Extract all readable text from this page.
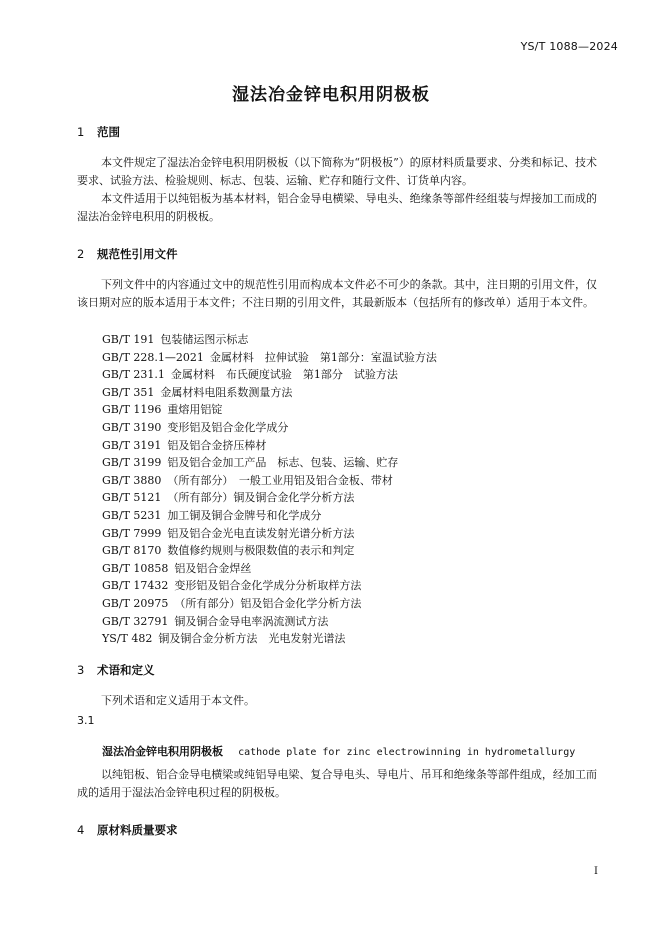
YS/T 1088—2024
湿法冶金锌电积用阴极板
1 范围
本文件规定了湿法冶金锌电积用阴极板（以下简称为“阴极板”）的原材料质量要求、分类和标记、技术要求、试验方法、检验规则、标志、包装、运输、贮存和随行文件、订货单内容。
本文件适用于以纯铝板为基本材料，铝合金导电横梁、导电头、绝缘条等部件经组装与焊接加工而成的湿法冶金锌电积用的阴极板。
2 规范性引用文件
下列文件中的内容通过文中的规范性引用而构成本文件必不可少的条款。其中，注日期的引用文件，仅该日期对应的版本适用于本文件；不注日期的引用文件，其最新版本（包括所有的修改单）适用于本文件。
GB/T 191 包装储运图示标志
GB/T 228.1—2021 金属材料　拉伸试验　第1部分：室温试验方法
GB/T 231.1 金属材料　布氏硬度试验　第1部分　试验方法
GB/T 351 金属材料电阻系数测量方法
GB/T 1196 重熔用铝锭
GB/T 3190 变形铝及铝合金化学成分
GB/T 3191 铝及铝合金挤压棒材
GB/T 3199 铝及铝合金加工产品　标志、包装、运输、贮存
GB/T 3880 （所有部分）　一般工业用铝及铝合金板、带材
GB/T 5121 （所有部分）铜及铜合金化学分析方法
GB/T 5231 加工铜及铜合金牌号和化学成分
GB/T 7999 铝及铝合金光电直读发射光谱分析方法
GB/T 8170 数值修约规则与极限数值的表示和判定
GB/T 10858 铝及铝合金焊丝
GB/T 17432 变形铝及铝合金化学成分分析取样方法
GB/T 20975 （所有部分）铝及铝合金化学分析方法
GB/T 32791 铜及铜合金导电率涡流测试方法
YS/T 482 铜及铜合金分析方法　光电发射光谱法
3 术语和定义
下列术语和定义适用于本文件。
3.1
湿法冶金锌电积用阴极板 cathode plate for zinc electrowinning in hydrometallurgy
以纯铝板、铝合金导电横梁或纯铝导电梁、复合导电头、导电片、吊耳和绝缘条等部件组成，经加工而成的适用于湿法冶金锌电积过程的阴极板。
4 原材料质量要求
I
